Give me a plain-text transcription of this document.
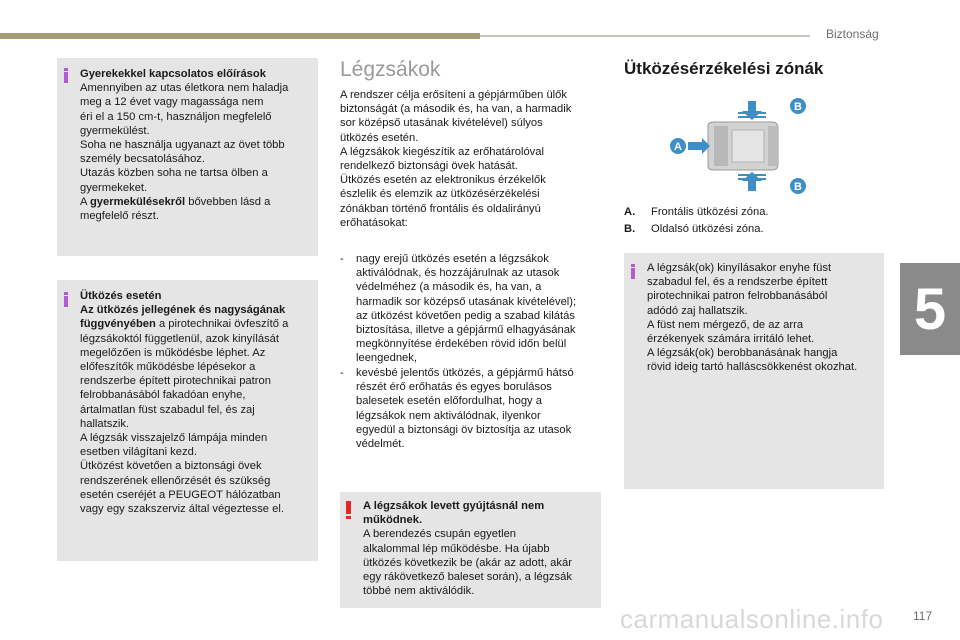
Biztonság
5
Gyerekekkel kapcsolatos előírások
Amennyiben az utas életkora nem haladja
meg a 12 évet vagy magassága nem
éri el a 150 cm-t, használjon megfelelő
gyermekülést.
Soha ne használja ugyanazt az övet több
személy becsatolásához.
Utazás közben soha ne tartsa ölben a
gyermekeket.
A gyermekülésekről bővebben lásd a
megfelelő részt.
Ütközés esetén
Az ütközés jellegének és nagyságának
függvényében a pirotechnikai övfeszítő a
légzsákoktól függetlenül, azok kinyílását
megelőzően is működésbe léphet. Az
előfeszítők működésbe lépésekor a
rendszerbe épített pirotechnikai patron
felrobbanásából fakadóan enyhe,
ártalmatlan füst szabadul fel, és zaj
hallatszik.
A légzsák visszajelző lámpája minden
esetben világítani kezd.
Ütközést követően a biztonsági övek
rendszerének ellenőrzését és szükség
esetén cseréjét a PEUGEOT hálózatban
vagy egy szakszerviz által végeztesse el.
Légzsákok
A rendszer célja erősíteni a gépjárműben ülők
biztonságát (a második és, ha van, a harmadik
sor középső utasának kivételével) súlyos
ütközés esetén.
A légzsákok kiegészítik az erőhatárolóval
rendelkező biztonsági övek hatását.
Ütközés esetén az elektronikus érzékelők
észlelik és elemzik az ütközésérzékelési
zónákban történő frontális és oldalirányú
erőhatásokat:
- nagy erejű ütközés esetén a légzsákok
aktiválódnak, és hozzájárulnak az utasok
védelméhez (a második és, ha van, a
harmadik sor középső utasának kivételével);
az ütközést követően pedig a szabad kilátás
biztosítása, illetve a gépjármű elhagyásának
megkönnyítése érdekében rövid időn belül
leengednek,
- kevésbé jelentős ütközés, a gépjármű hátsó
részét érő erőhatás és egyes borulásos
balesetek esetén előfordulhat, hogy a
légzsákok nem aktiválódnak, ilyenkor
egyedül a biztonsági öv biztosítja az utasok
védelmét.
A légzsákok levett gyújtásnál nem
működnek.
A berendezés csupán egyetlen
alkalommal lép működésbe. Ha újabb
ütközés következik be (akár az adott, akár
egy rákövetkező baleset során), a légzsák
többé nem aktiválódik.
Ütközésérzékelési zónák
A
B
B
A. Frontális ütközési zóna.
B. Oldalsó ütközési zóna.
A légzsák(ok) kinyílásakor enyhe füst
szabadul fel, és a rendszerbe épített
pirotechnikai patron felrobbanásából
adódó zaj hallatszik.
A füst nem mérgező, de az arra
érzékenyek számára irritáló lehet.
A légzsák(ok) berobbanásának hangja
rövid ideig tartó halláscsökkenést okozhat.
carmanualsonline.info 117
